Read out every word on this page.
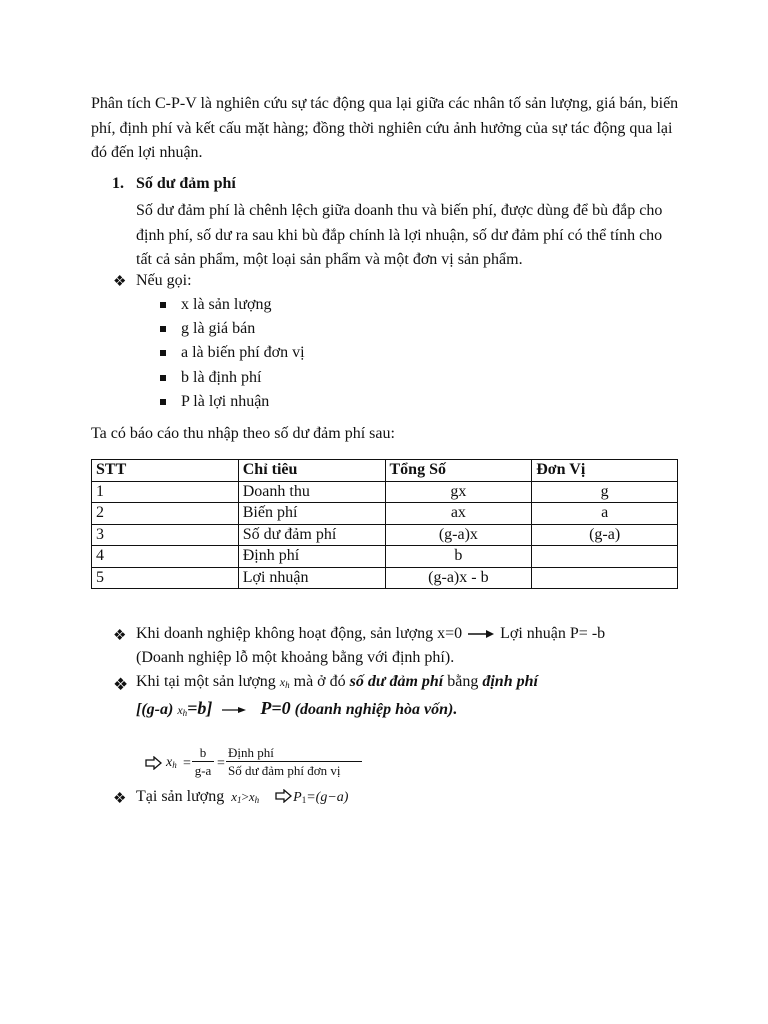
Phân tích C-P-V là nghiên cứu sự tác động qua lại giữa các nhân tố sản lượng, giá bán, biến phí, định phí và kết cấu mặt hàng; đồng thời nghiên cứu ảnh hưởng của sự tác động qua lại đó đến lợi nhuận.

1. Số dư đảm phí

Số dư đảm phí là chênh lệch giữa doanh thu và biến phí, được dùng để bù đắp cho định phí, số dư ra sau khi bù đắp chính là lợi nhuận, số dư đảm phí có thể tính cho tất cả sản phẩm, một loại sản phẩm và một đơn vị sản phẩm.

❖ Nếu gọi:

x là sản lượng

g là giá bán

a là biến phí đơn vị

b là định phí

P là lợi nhuận

Ta có báo cáo thu nhập theo số dư đảm phí sau:

STT	Chỉ tiêu	Tổng Số	Đơn Vị
1	Doanh thu	gx	g
2	Biến phí	ax	a
3	Số dư đảm phí	(g-a)x	(g-a)
4	Định phí	b	
5	Lợi nhuận	(g-a)x - b	
❖ Khi doanh nghiệp không hoạt động, sản lượng x=0 Lợi nhuận P= -b

(Doanh nghiệp lỗ một khoảng bằng với định phí).

❖ Khi tại một sản lượng $x_h$ mà ở đó số dư đảm phí bằng định phí

[(g-a) $x_h=b$]	P=0 (doanh nghiệp hòa vốn).

$x_h$ =
b
g-a =
Định phí
Số dư đảm phí đơn vị
❖ Tại sản lượng $x_1>x_h$ $P_1=(g-a)$
